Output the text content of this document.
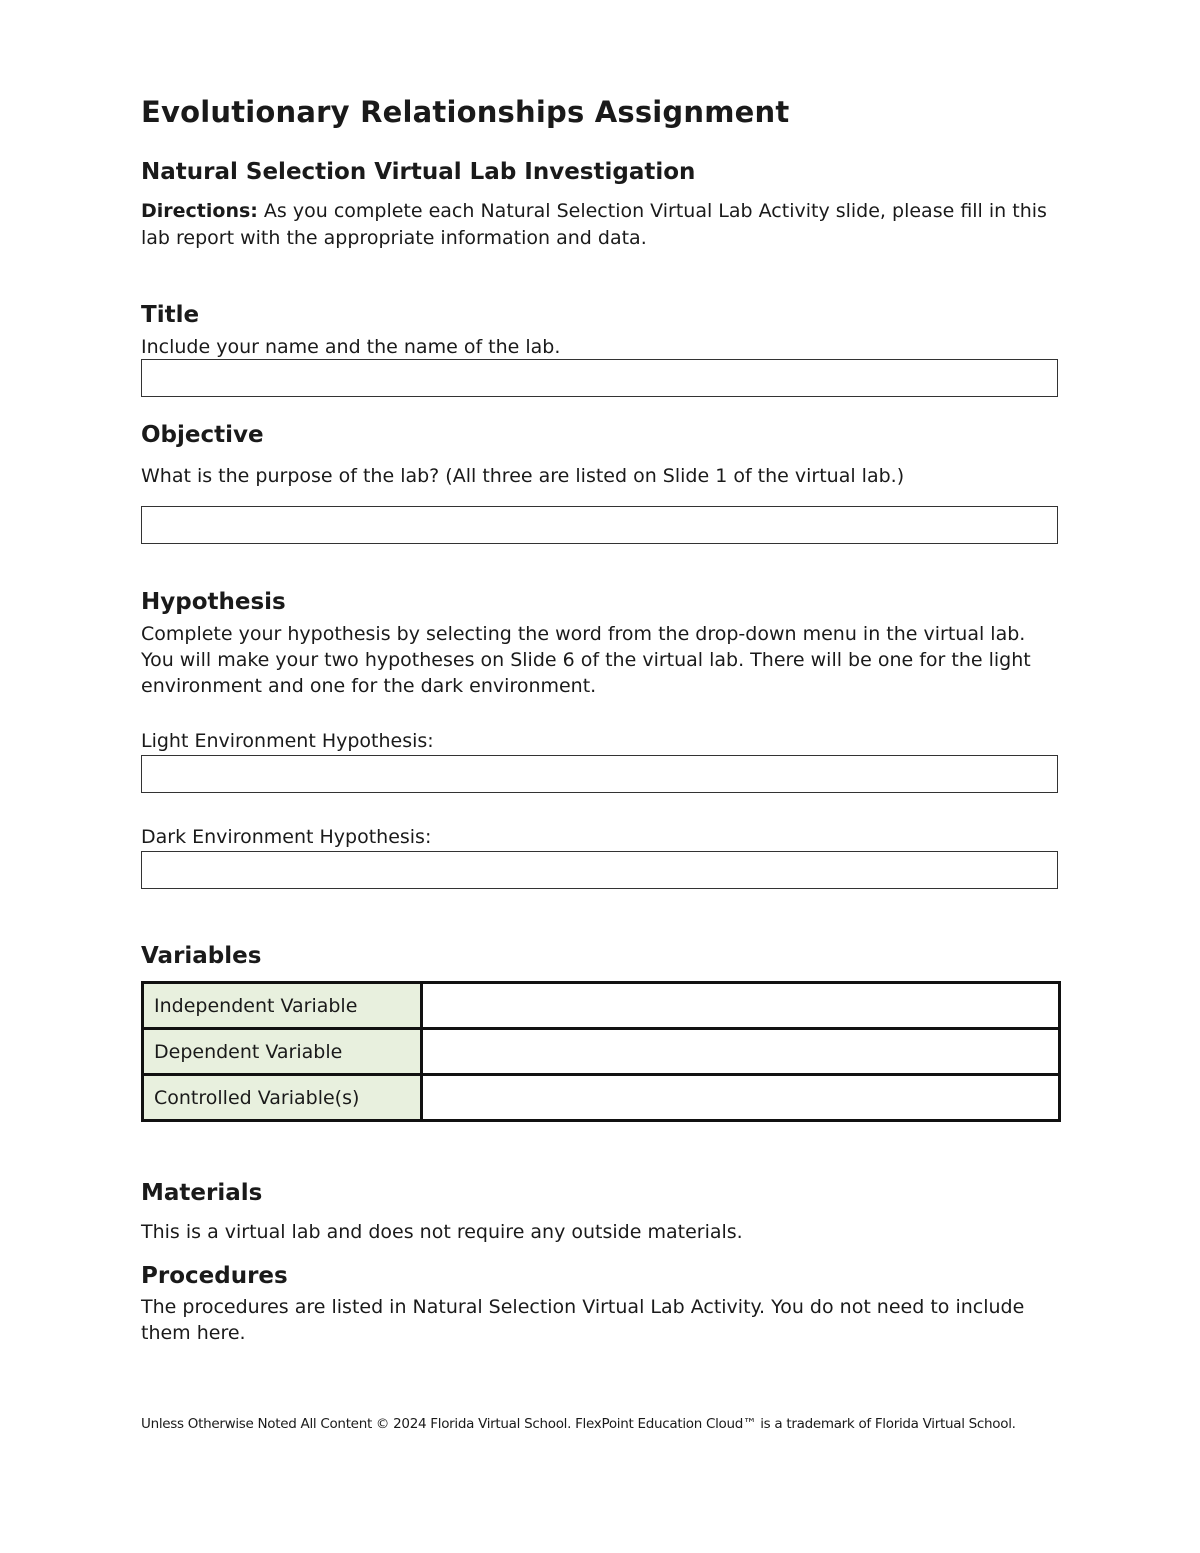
Evolutionary Relationships Assignment
Natural Selection Virtual Lab Investigation

Directions: As you complete each Natural Selection Virtual Lab Activity slide, please fill in this lab report with the appropriate information and data.

Title

Include your name and the name of the lab.

Objective

What is the purpose of the lab? (All three are listed on Slide 1 of the virtual lab.)

Hypothesis

Complete your hypothesis by selecting the word from the drop-down menu in the virtual lab. You will make your two hypotheses on Slide 6 of the virtual lab. There will be one for the light environment and one for the dark environment.

Light Environment Hypothesis:

Dark Environment Hypothesis:

Variables
Independent Variable	
Dependent Variable	
Controlled Variable(s)	
Materials

This is a virtual lab and does not require any outside materials.

Procedures

The procedures are listed in Natural Selection Virtual Lab Activity. You do not need to include them here.

Unless Otherwise Noted All Content © 2024 Florida Virtual School. FlexPoint Education Cloud™ is a trademark of Florida Virtual School.
